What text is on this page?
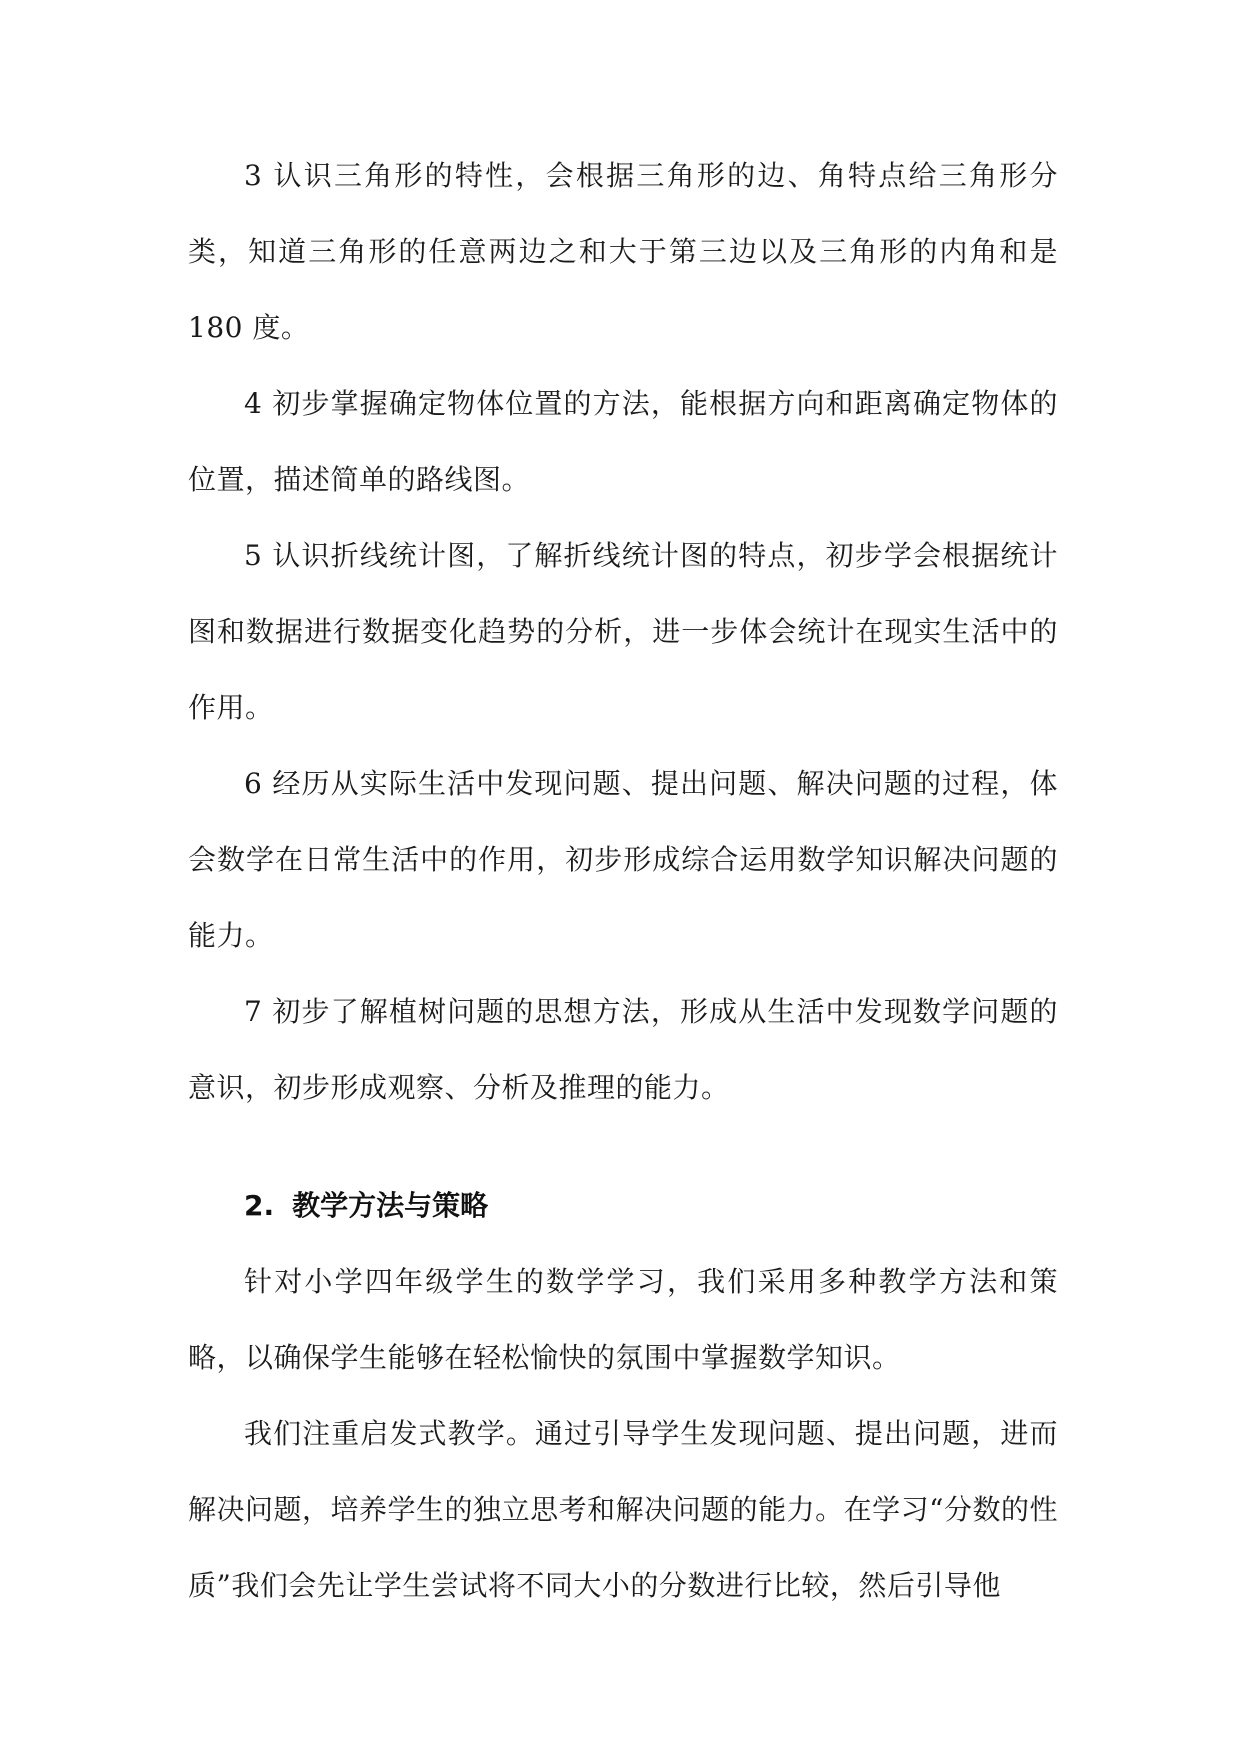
3 认识三角形的特性，会根据三角形的边、角特点给三角形分类，知道三角形的任意两边之和大于第三边以及三角形的内角和是 180 度。

4 初步掌握确定物体位置的方法，能根据方向和距离确定物体的位置，描述简单的路线图。

5 认识折线统计图，了解折线统计图的特点，初步学会根据统计图和数据进行数据变化趋势的分析，进一步体会统计在现实生活中的作用。

6 经历从实际生活中发现问题、提出问题、解决问题的过程，体会数学在日常生活中的作用，初步形成综合运用数学知识解决问题的能力。

7 初步了解植树问题的思想方法，形成从生活中发现数学问题的意识，初步形成观察、分析及推理的能力。

2. 教学方法与策略

针对小学四年级学生的数学学习，我们采用多种教学方法和策略，以确保学生能够在轻松愉快的氛围中掌握数学知识。

我们注重启发式教学。通过引导学生发现问题、提出问题，进而解决问题，培养学生的独立思考和解决问题的能力。在学习“分数的性质”我们会先让学生尝试将不同大小的分数进行比较，然后引导他
